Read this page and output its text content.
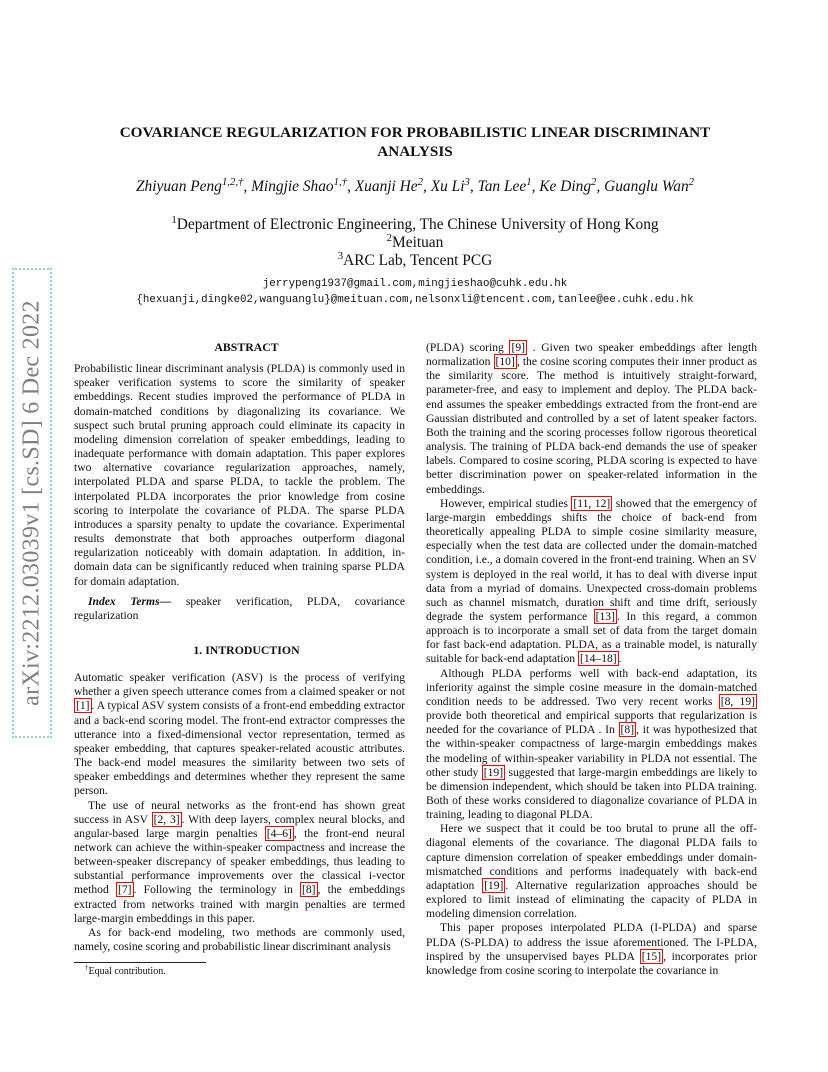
arXiv:2212.03039v1 [cs.SD] 6 Dec 2022
COVARIANCE REGULARIZATION FOR PROBABILISTIC LINEAR DISCRIMINANT
ANALYSIS
Zhiyuan Peng$^{1,2,\dagger}$, Mingjie Shao$^{1,\dagger}$, Xuanji He$^2$, Xu Li$^3$, Tan Lee$^1$, Ke Ding$^2$, Guanglu Wan$^2$
$^1$Department of Electronic Engineering, The Chinese University of Hong Kong
$^2$Meituan
$^3$ARC Lab, Tencent PCG
jerrypeng1937@gmail.com,mingjieshao@cuhk.edu.hk
{hexuanji,dingke02,wanguanglu}@meituan.com,nelsonxli@tencent.com,tanlee@ee.cuhk.edu.hk

ABSTRACT

Probabilistic linear discriminant analysis (PLDA) is commonly used in speaker verification systems to score the similarity of speaker embeddings. Recent studies improved the performance of PLDA in domain-matched conditions by diagonalizing its covariance. We suspect such brutal pruning approach could eliminate its capacity in modeling dimension correlation of speaker embeddings, leading to inadequate performance with domain adaptation. This paper explores two alternative covariance regularization approaches, namely, interpolated PLDA and sparse PLDA, to tackle the problem. The interpolated PLDA incorporates the prior knowledge from cosine scoring to interpolate the covariance of PLDA. The sparse PLDA introduces a sparsity penalty to update the covariance. Experimental results demonstrate that both approaches outperform diagonal regularization noticeably with domain adaptation. In addition, in-domain data can be significantly reduced when training sparse PLDA for domain adaptation.

Index Terms— speaker verification, PLDA, covariance regularization

1. INTRODUCTION

Automatic speaker verification (ASV) is the process of verifying whether a given speech utterance comes from a claimed speaker or not [1] . A typical ASV system consists of a front-end embedding extractor and a back-end scoring model. The front-end extractor compresses the utterance into a fixed-dimensional vector representation, termed as speaker embedding, that captures speaker-related acoustic attributes. The back-end model measures the similarity between two sets of speaker embeddings and determines whether they represent the same person.

The use of neural networks as the front-end has shown great success in ASV [2, 3] . With deep layers, complex neural blocks, and angular-based large margin penalties [4–6] , the front-end neural network can achieve the within-speaker compactness and increase the between-speaker discrepancy of speaker embeddings, thus leading to substantial performance improvements over the classical i-vector method [7] . Following the terminology in [8] , the embeddings extracted from networks trained with margin penalties are termed large-margin embeddings in this paper.

As for back-end modeling, two methods are commonly used, namely, cosine scoring and probabilistic linear discriminant analysis

(PLDA) scoring [9] . Given two speaker embeddings after length normalization [10] , the cosine scoring computes their inner product as the similarity score. The method is intuitively straight-forward, parameter-free, and easy to implement and deploy. The PLDA back-end assumes the speaker embeddings extracted from the front-end are Gaussian distributed and controlled by a set of latent speaker factors. Both the training and the scoring processes follow rigorous theoretical analysis. The training of PLDA back-end demands the use of speaker labels. Compared to cosine scoring, PLDA scoring is expected to have better discrimination power on speaker-related information in the embeddings.

However, empirical studies [11, 12] showed that the emergency of large-margin embeddings shifts the choice of back-end from theoretically appealing PLDA to simple cosine similarity measure, especially when the test data are collected under the domain-matched condition, i.e., a domain covered in the front-end training. When an SV system is deployed in the real world, it has to deal with diverse input data from a myriad of domains. Unexpected cross-domain problems such as channel mismatch, duration shift and time drift, seriously degrade the system performance [13] . In this regard, a common approach is to incorporate a small set of data from the target domain for fast back-end adaptation. PLDA, as a trainable model, is naturally suitable for back-end adaptation [14–18] .

Although PLDA performs well with back-end adaptation, its inferiority against the simple cosine measure in the domain-matched condition needs to be addressed. Two very recent works [8, 19] provide both theoretical and empirical supports that regularization is needed for the covariance of PLDA . In [8] , it was hypothesized that the within-speaker compactness of large-margin embeddings makes the modeling of within-speaker variability in PLDA not essential. The other study [19] suggested that large-margin embeddings are likely to be dimension independent, which should be taken into PLDA training. Both of these works considered to diagonalize covariance of PLDA in training, leading to diagonal PLDA.

Here we suspect that it could be too brutal to prune all the off-diagonal elements of the covariance. The diagonal PLDA fails to capture dimension correlation of speaker embeddings under domain-mismatched conditions and performs inadequately with back-end adaptation [19] . Alternative regularization approaches should be explored to limit instead of eliminating the capacity of PLDA in modeling dimension correlation.

This paper proposes interpolated PLDA (I-PLDA) and sparse PLDA (S-PLDA) to address the issue aforementioned. The I-PLDA, inspired by the unsupervised bayes PLDA [15] , incorporates prior knowledge from cosine scoring to interpolate the covariance in

†Equal contribution.
